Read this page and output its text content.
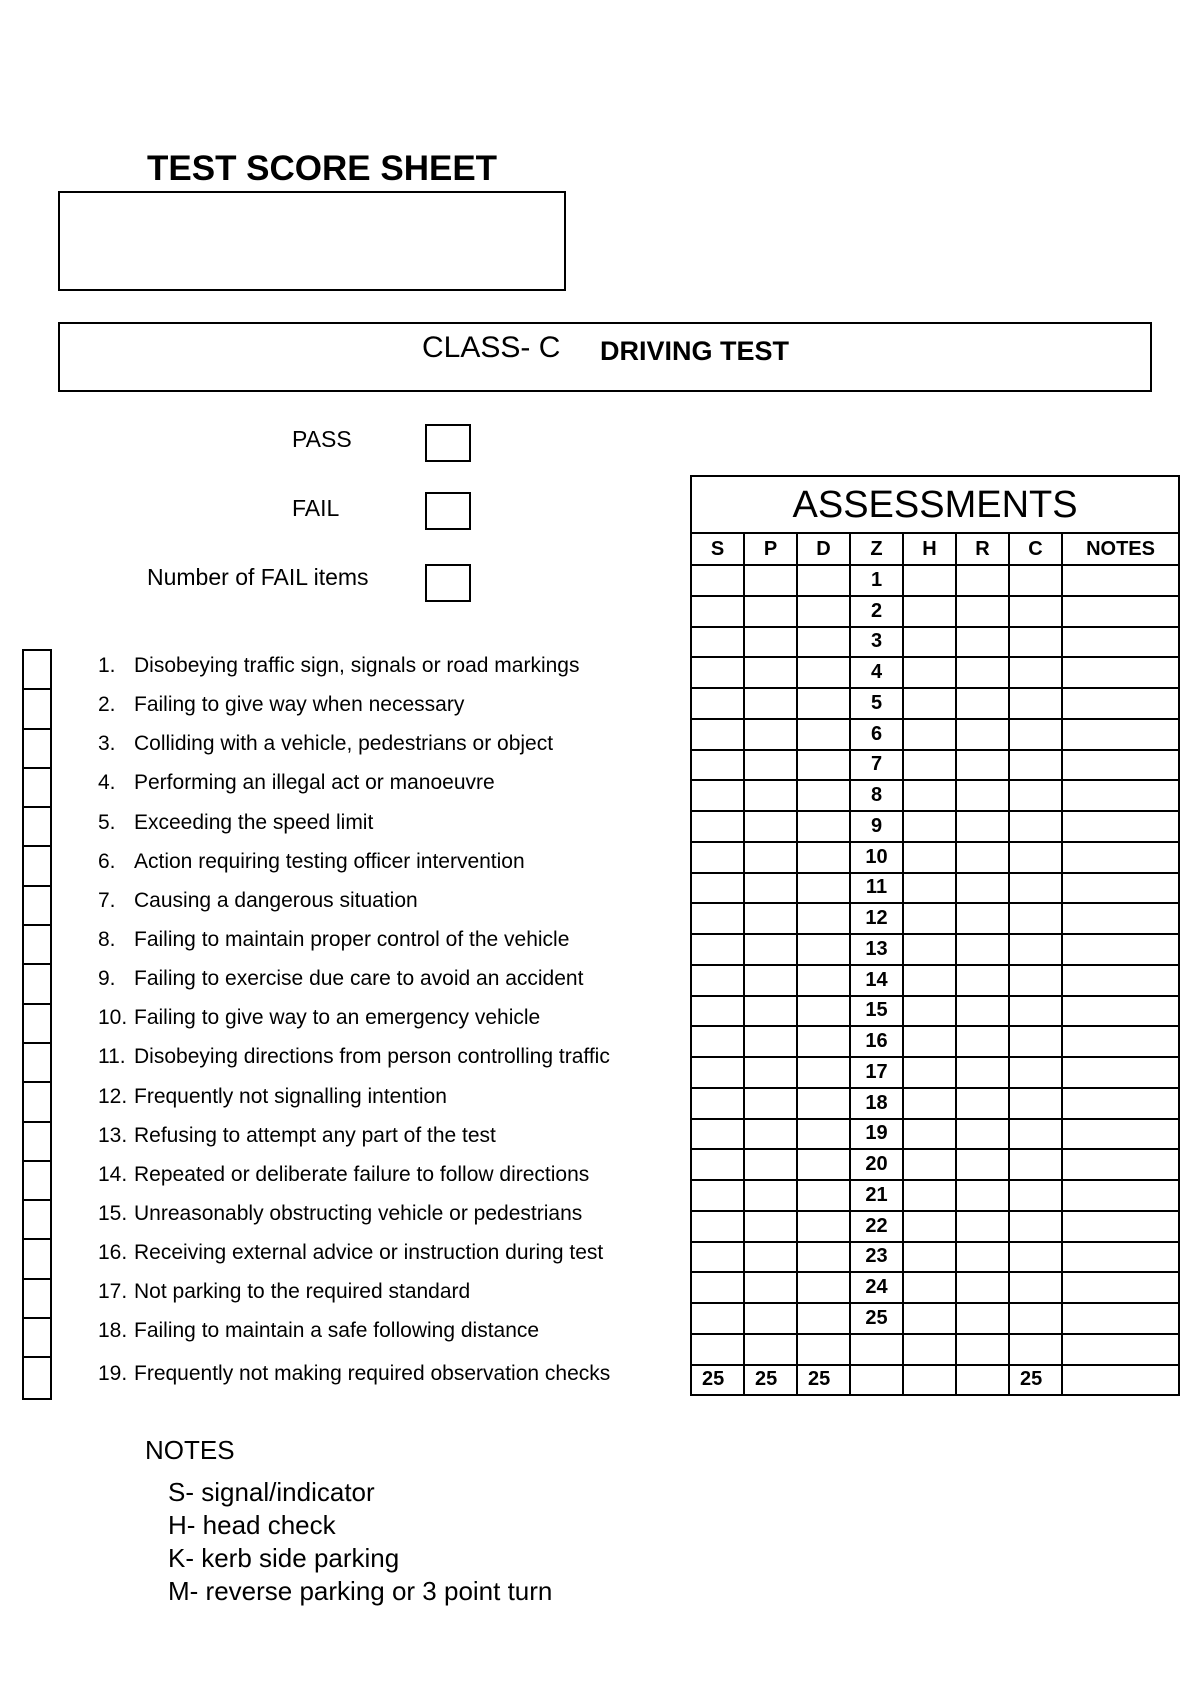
TEST SCORE SHEET
CLASS- C DRIVING TEST
PASS
FAIL
Number of FAIL items
1. Disobeying traffic sign, signals or road markings
2. Failing to give way when necessary
3. Colliding with a vehicle, pedestrians or object
4. Performing an illegal act or manoeuvre
5. Exceeding the speed limit
6. Action requiring testing officer intervention
7. Causing a dangerous situation
8. Failing to maintain proper control of the vehicle
9. Failing to exercise due care to avoid an accident
10. Failing to give way to an emergency vehicle
11. Disobeying directions from person controlling traffic
12. Frequently not signalling intention
13. Refusing to attempt any part of the test
14. Repeated or deliberate failure to follow directions
15. Unreasonably obstructing vehicle or pedestrians
16. Receiving external advice or instruction during test
17. Not parking to the required standard
18. Failing to maintain a safe following distance
19. Frequently not making required observation checks
ASSESSMENTS							
S	P	D	Z	H	R	C	NOTES
			1				
			2				
			3				
			4				
			5				
			6				
			7				
			8				
			9				
			10				
			11				
			12				
			13				
			14				
			15				
			16				
			17				
			18				
			19				
			20				
			21				
			22				
			23				
			24				
			25				

25	25	25				25	
NOTES
S- signal/indicator
H- head check
K- kerb side parking
M- reverse parking or 3 point turn
